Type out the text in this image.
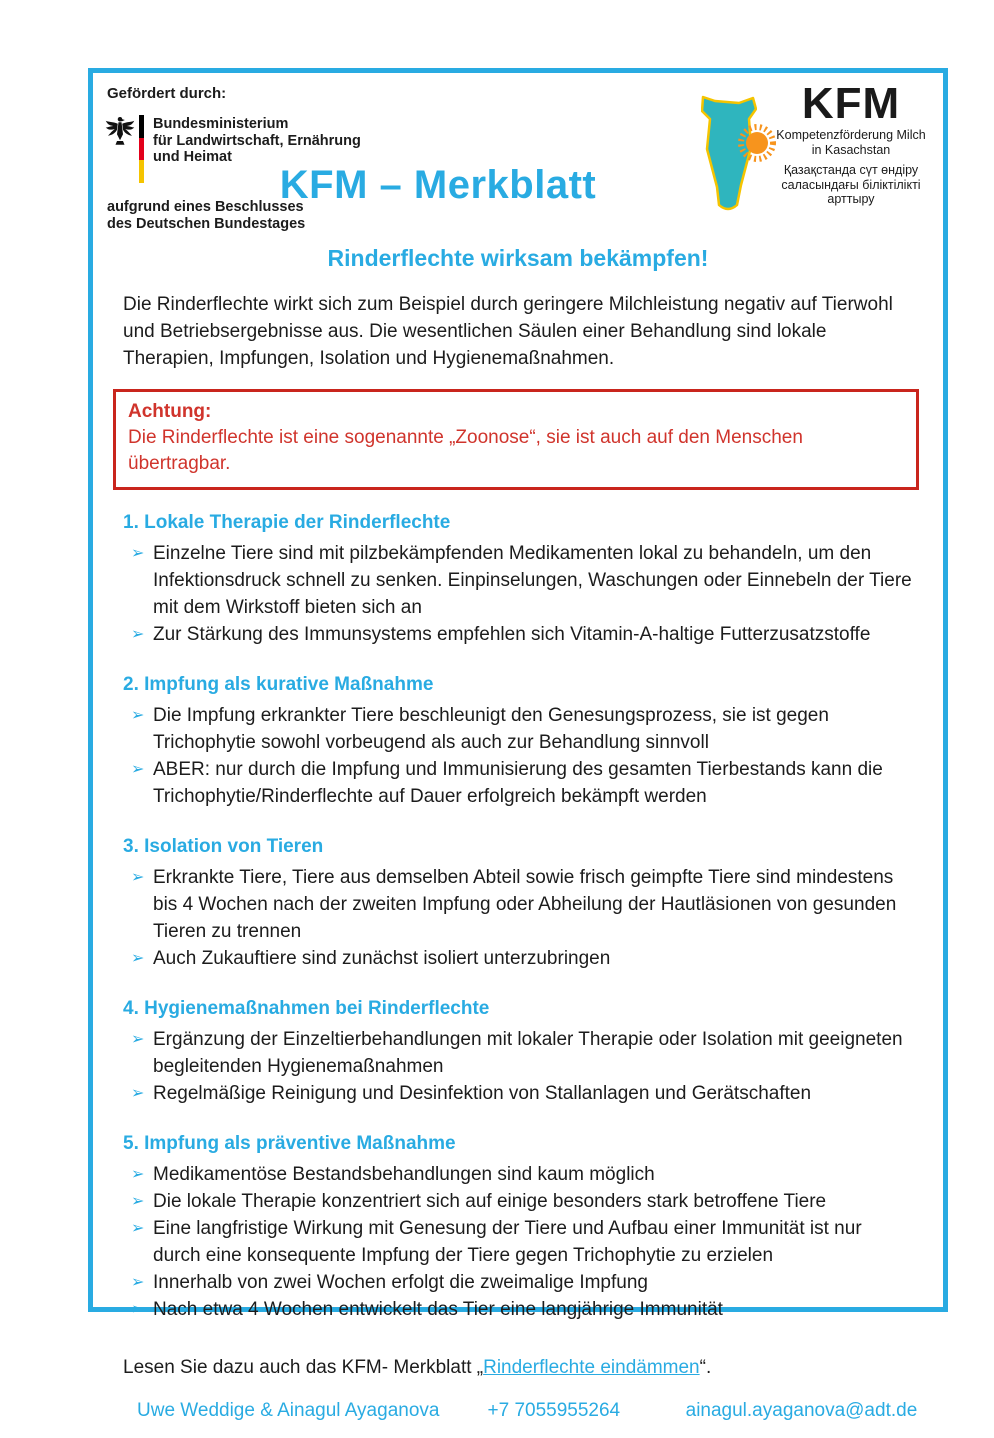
Gefördert durch:
Bundesministerium
für Landwirtschaft, Ernährung
und Heimat
aufgrund eines Beschlusses
des Deutschen Bundestages
KFM – Merkblatt
Rinderflechte wirksam bekämpfen!
KFM
Kompetenzförderung Milch
in Kasachstan
Қазақстанда сүт өндіру
саласындағы біліктілікті арттыру

Die Rinderflechte wirkt sich zum Beispiel durch geringere Milchleistung negativ auf Tierwohl und Betriebsergebnisse aus. Die wesentlichen Säulen einer Behandlung sind lokale Therapien, Impfungen, Isolation und Hygienemaßnahmen.

Achtung:
Die Rinderflechte ist eine sogenannte „Zoonose“, sie ist auch auf den Menschen übertragbar.
1. Lokale Therapie der Rinderflechte
➢ Einzelne Tiere sind mit pilzbekämpfenden Medikamenten lokal zu behandeln, um den Infektionsdruck schnell zu senken. Einpinselungen, Waschungen oder Einnebeln der Tiere mit dem Wirkstoff bieten sich an
➢ Zur Stärkung des Immunsystems empfehlen sich Vitamin-A-haltige Futterzusatzstoffe
2. Impfung als kurative Maßnahme
➢ Die Impfung erkrankter Tiere beschleunigt den Genesungsprozess, sie ist gegen Trichophytie sowohl vorbeugend als auch zur Behandlung sinnvoll
➢ ABER: nur durch die Impfung und Immunisierung des gesamten Tierbestands kann die Trichophytie/Rinderflechte auf Dauer erfolgreich bekämpft werden
3. Isolation von Tieren
➢ Erkrankte Tiere, Tiere aus demselben Abteil sowie frisch geimpfte Tiere sind mindestens bis 4 Wochen nach der zweiten Impfung oder Abheilung der Hautläsionen von gesunden Tieren zu trennen
➢ Auch Zukauftiere sind zunächst isoliert unterzubringen
4. Hygienemaßnahmen bei Rinderflechte
➢ Ergänzung der Einzeltierbehandlungen mit lokaler Therapie oder Isolation mit geeigneten begleitenden Hygienemaßnahmen
➢ Regelmäßige Reinigung und Desinfektion von Stallanlagen und Gerätschaften
5. Impfung als präventive Maßnahme
➢ Medikamentöse Bestandsbehandlungen sind kaum möglich
➢ Die lokale Therapie konzentriert sich auf einige besonders stark betroffene Tiere
➢ Eine langfristige Wirkung mit Genesung der Tiere und Aufbau einer Immunität ist nur durch eine konsequente Impfung der Tiere gegen Trichophytie zu erzielen
➢ Innerhalb von zwei Wochen erfolgt die zweimalige Impfung
➢ Nach etwa 4 Wochen entwickelt das Tier eine langjährige Immunität

Lesen Sie dazu auch das KFM- Merkblatt „Rinderflechte eindämmen“.

Uwe Weddige & Ainagul Ayaganova	+7 7055955264	ainagul.ayaganova@adt.de
